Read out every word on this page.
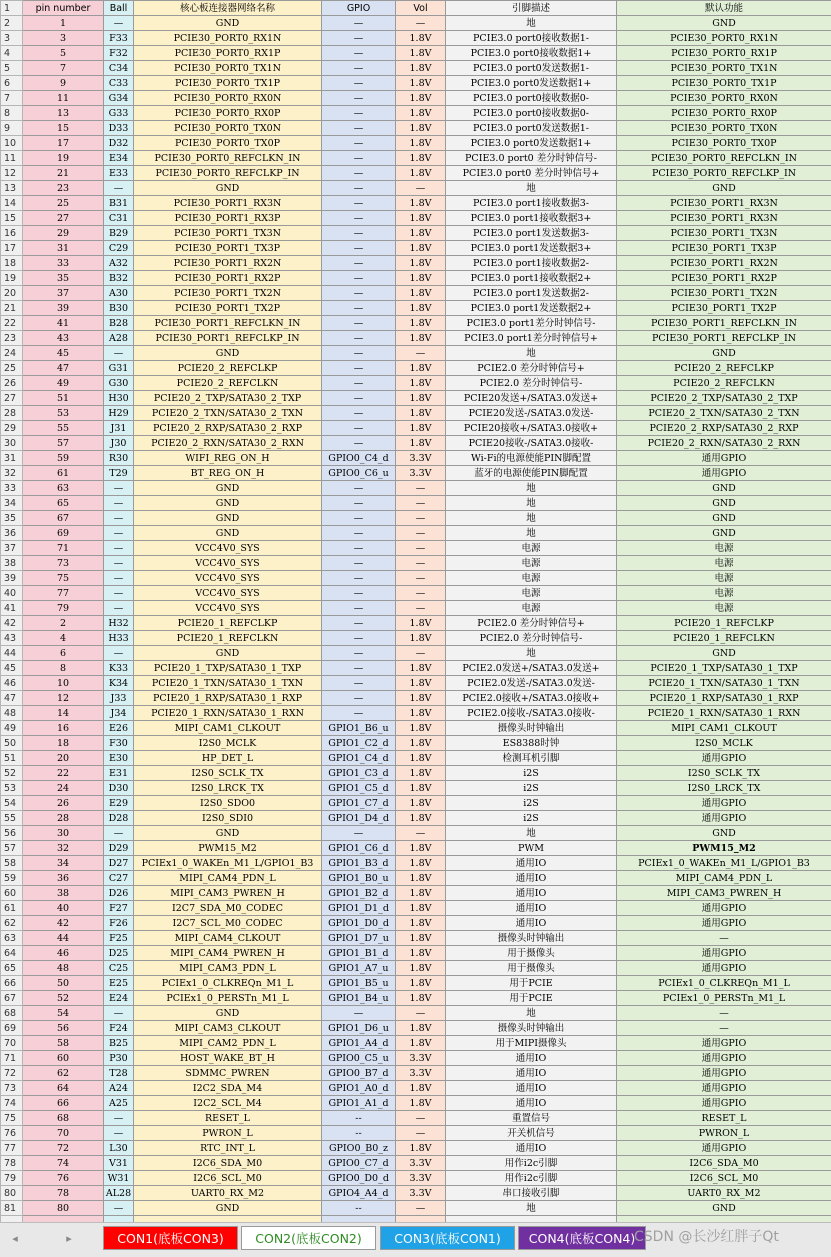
1	pin number	Ball	核心板连接器网络名称	GPIO	Vol	引脚描述	默认功能
2	1	—	GND	—	—	地	GND
3	3	F33	PCIE30_PORT0_RX1N	—	1.8V	PCIE3.0 port0接收数据1-	PCIE30_PORT0_RX1N
4	5	F32	PCIE30_PORT0_RX1P	—	1.8V	PCIE3.0 port0接收数据1+	PCIE30_PORT0_RX1P
5	7	C34	PCIE30_PORT0_TX1N	—	1.8V	PCIE3.0 port0发送数据1-	PCIE30_PORT0_TX1N
6	9	C33	PCIE30_PORT0_TX1P	—	1.8V	PCIE3.0 port0发送数据1+	PCIE30_PORT0_TX1P
7	11	G34	PCIE30_PORT0_RX0N	—	1.8V	PCIE3.0 port0接收数据0-	PCIE30_PORT0_RX0N
8	13	G33	PCIE30_PORT0_RX0P	—	1.8V	PCIE3.0 port0接收数据0-	PCIE30_PORT0_RX0P
9	15	D33	PCIE30_PORT0_TX0N	—	1.8V	PCIE3.0 port0发送数据1-	PCIE30_PORT0_TX0N
10	17	D32	PCIE30_PORT0_TX0P	—	1.8V	PCIE3.0 port0发送数据1+	PCIE30_PORT0_TX0P
11	19	E34	PCIE30_PORT0_REFCLKN_IN	—	1.8V	PCIE3.0 port0 差分时钟信号-	PCIE30_PORT0_REFCLKN_IN
12	21	E33	PCIE30_PORT0_REFCLKP_IN	—	1.8V	PCIE3.0 port0 差分时钟信号+	PCIE30_PORT0_REFCLKP_IN
13	23	—	GND	—	—	地	GND
14	25	B31	PCIE30_PORT1_RX3N	—	1.8V	PCIE3.0 port1接收数据3-	PCIE30_PORT1_RX3N
15	27	C31	PCIE30_PORT1_RX3P	—	1.8V	PCIE3.0 port1接收数据3+	PCIE30_PORT1_RX3N
16	29	B29	PCIE30_PORT1_TX3N	—	1.8V	PCIE3.0 port1发送数据3-	PCIE30_PORT1_TX3N
17	31	C29	PCIE30_PORT1_TX3P	—	1.8V	PCIE3.0 port1发送数据3+	PCIE30_PORT1_TX3P
18	33	A32	PCIE30_PORT1_RX2N	—	1.8V	PCIE3.0 port1接收数据2-	PCIE30_PORT1_RX2N
19	35	B32	PCIE30_PORT1_RX2P	—	1.8V	PCIE3.0 port1接收数据2+	PCIE30_PORT1_RX2P
20	37	A30	PCIE30_PORT1_TX2N	—	1.8V	PCIE3.0 port1发送数据2-	PCIE30_PORT1_TX2N
21	39	B30	PCIE30_PORT1_TX2P	—	1.8V	PCIE3.0 port1发送数据2+	PCIE30_PORT1_TX2P
22	41	B28	PCIE30_PORT1_REFCLKN_IN	—	1.8V	PCIE3.0 port1差分时钟信号-	PCIE30_PORT1_REFCLKN_IN
23	43	A28	PCIE30_PORT1_REFCLKP_IN	—	1.8V	PCIE3.0 port1差分时钟信号+	PCIE30_PORT1_REFCLKP_IN
24	45	—	GND	—	—	地	GND
25	47	G31	PCIE20_2_REFCLKP	—	1.8V	PCIE2.0 差分时钟信号+	PCIE20_2_REFCLKP
26	49	G30	PCIE20_2_REFCLKN	—	1.8V	PCIE2.0 差分时钟信号-	PCIE20_2_REFCLKN
27	51	H30	PCIE20_2_TXP/SATA30_2_TXP	—	1.8V	PCIE20发送+/SATA3.0发送+	PCIE20_2_TXP/SATA30_2_TXP
28	53	H29	PCIE20_2_TXN/SATA30_2_TXN	—	1.8V	PCIE20发送-/SATA3.0发送-	PCIE20_2_TXN/SATA30_2_TXN
29	55	J31	PCIE20_2_RXP/SATA30_2_RXP	—	1.8V	PCIE20接收+/SATA3.0接收+	PCIE20_2_RXP/SATA30_2_RXP
30	57	J30	PCIE20_2_RXN/SATA30_2_RXN	—	1.8V	PCIE20接收-/SATA3.0接收-	PCIE20_2_RXN/SATA30_2_RXN
31	59	R30	WIFI_REG_ON_H	GPIO0_C4_d	3.3V	Wi-Fi的电源使能PIN脚配置	通用GPIO
32	61	T29	BT_REG_ON_H	GPIO0_C6_u	3.3V	蓝牙的电源使能PIN脚配置	通用GPIO
33	63	—	GND	—	—	地	GND
34	65	—	GND	—	—	地	GND
35	67	—	GND	—	—	地	GND
36	69	—	GND	—	—	地	GND
37	71	—	VCC4V0_SYS	—	—	电源	电源
38	73	—	VCC4V0_SYS	—	—	电源	电源
39	75	—	VCC4V0_SYS	—	—	电源	电源
40	77	—	VCC4V0_SYS	—	—	电源	电源
41	79	—	VCC4V0_SYS	—	—	电源	电源
42	2	H32	PCIE20_1_REFCLKP	—	1.8V	PCIE2.0 差分时钟信号+	PCIE20_1_REFCLKP
43	4	H33	PCIE20_1_REFCLKN	—	1.8V	PCIE2.0 差分时钟信号-	PCIE20_1_REFCLKN
44	6	—	GND	—	—	地	GND
45	8	K33	PCIE20_1_TXP/SATA30_1_TXP	—	1.8V	PCIE2.0发送+/SATA3.0发送+	PCIE20_1_TXP/SATA30_1_TXP
46	10	K34	PCIE20_1_TXN/SATA30_1_TXN	—	1.8V	PCIE2.0发送-/SATA3.0发送-	PCIE20_1_TXN/SATA30_1_TXN
47	12	J33	PCIE20_1_RXP/SATA30_1_RXP	—	1.8V	PCIE2.0接收+/SATA3.0接收+	PCIE20_1_RXP/SATA30_1_RXP
48	14	J34	PCIE20_1_RXN/SATA30_1_RXN	—	1.8V	PCIE2.0接收-/SATA3.0接收-	PCIE20_1_RXN/SATA30_1_RXN
49	16	E26	MIPI_CAM1_CLKOUT	GPIO1_B6_u	1.8V	摄像头时钟输出	MIPI_CAM1_CLKOUT
50	18	F30	I2S0_MCLK	GPIO1_C2_d	1.8V	ES8388时钟	I2S0_MCLK
51	20	E30	HP_DET_L	GPIO1_C4_d	1.8V	检测耳机引脚	通用GPIO
52	22	E31	I2S0_SCLK_TX	GPIO1_C3_d	1.8V	i2S	I2S0_SCLK_TX
53	24	D30	I2S0_LRCK_TX	GPIO1_C5_d	1.8V	i2S	I2S0_LRCK_TX
54	26	E29	I2S0_SDO0	GPIO1_C7_d	1.8V	i2S	通用GPIO
55	28	D28	I2S0_SDI0	GPIO1_D4_d	1.8V	i2S	通用GPIO
56	30	—	GND	—	—	地	GND
57	32	D29	PWM15_M2	GPIO1_C6_d	1.8V	PWM	PWM15_M2
58	34	D27	PCIEx1_0_WAKEn_M1_L/GPIO1_B3	GPIO1_B3_d	1.8V	通用IO	PCIEx1_0_WAKEn_M1_L/GPIO1_B3
59	36	C27	MIPI_CAM4_PDN_L	GPIO1_B0_u	1.8V	通用IO	MIPI_CAM4_PDN_L
60	38	D26	MIPI_CAM3_PWREN_H	GPIO1_B2_d	1.8V	通用IO	MIPI_CAM3_PWREN_H
61	40	F27	I2C7_SDA_M0_CODEC	GPIO1_D1_d	1.8V	通用IO	通用GPIO
62	42	F26	I2C7_SCL_M0_CODEC	GPIO1_D0_d	1.8V	通用IO	通用GPIO
63	44	F25	MIPI_CAM4_CLKOUT	GPIO1_D7_u	1.8V	摄像头时钟输出	—
64	46	D25	MIPI_CAM4_PWREN_H	GPIO1_B1_d	1.8V	用于摄像头	通用GPIO
65	48	C25	MIPI_CAM3_PDN_L	GPIO1_A7_u	1.8V	用于摄像头	通用GPIO
66	50	E25	PCIEx1_0_CLKREQn_M1_L	GPIO1_B5_u	1.8V	用于PCIE	PCIEx1_0_CLKREQn_M1_L
67	52	E24	PCIEx1_0_PERSTn_M1_L	GPIO1_B4_u	1.8V	用于PCIE	PCIEx1_0_PERSTn_M1_L
68	54	—	GND	—	—	地	—
69	56	F24	MIPI_CAM3_CLKOUT	GPIO1_D6_u	1.8V	摄像头时钟输出	—
70	58	B25	MIPI_CAM2_PDN_L	GPIO1_A4_d	1.8V	用于MIPI摄像头	通用GPIO
71	60	P30	HOST_WAKE_BT_H	GPIO0_C5_u	3.3V	通用IO	通用GPIO
72	62	T28	SDMMC_PWREN	GPIO0_B7_d	3.3V	通用IO	通用GPIO
73	64	A24	I2C2_SDA_M4	GPIO1_A0_d	1.8V	通用IO	通用GPIO
74	66	A25	I2C2_SCL_M4	GPIO1_A1_d	1.8V	通用IO	通用GPIO
75	68	—	RESET_L	--	—	重置信号	RESET_L
76	70	—	PWRON_L	--	—	开关机信号	PWRON_L
77	72	L30	RTC_INT_L	GPIO0_B0_z	1.8V	通用IO	通用GPIO
78	74	V31	I2C6_SDA_M0	GPIO0_C7_d	3.3V	用作i2c引脚	I2C6_SDA_M0
79	76	W31	I2C6_SCL_M0	GPIO0_D0_d	3.3V	用作i2c引脚	I2C6_SCL_M0
80	78	AL28	UART0_RX_M2	GPIO4_A4_d	3.3V	串口接收引脚	UART0_RX_M2
81	80	—	GND	--	—	地	GND

◂	▸	CON1(底板CON3)	CON2(底板CON2)	CON3(底板CON1)	CON4(底板CON4)
CSDN @长沙红胖子Qt
